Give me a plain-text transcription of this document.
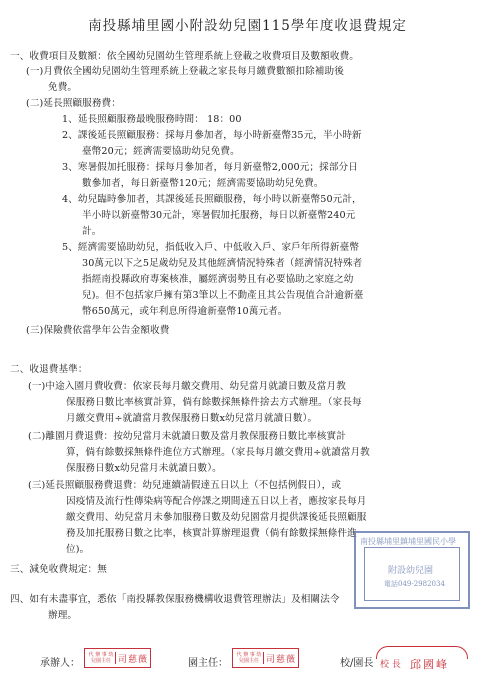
南投縣埔里國小附設幼兒園115學年度收退費規定
一、收費項目及數額：依全國幼兒園幼生管理系統上登載之收費項目及數額收費。
(一)月費依全國幼兒園幼生管理系統上登載之家長每月繳費數額扣除補助後
免費。
(二)延長照顧服務費：
1、延長照顧服務最晚服務時間： 18：00
2、課後延長照顧服務：採每月參加者，每小時新臺幣35元，半小時新
臺幣20元；經濟需要協助幼兒免費。
3、寒暑假加托服務：採每月參加者，每月新臺幣2,000元；採部分日
數參加者，每日新臺幣120元；經濟需要協助幼兒免費。
4、幼兒臨時參加者，其課後延長照顧服務，每小時以新臺幣50元計，
半小時以新臺幣30元計，寒暑假加托服務，每日以新臺幣240元
計。
5、經濟需要協助幼兒，指低收入戶、中低收入戶、家戶年所得新臺幣
30萬元以下之5足歲幼兒及其他經濟情況特殊者（經濟情況特殊者
指經南投縣政府專案核准，屬經濟弱勢且有必要協助之家庭之幼
兒)。但不包括家戶擁有第3筆以上不動產且其公告現值合計逾新臺
幣650萬元，或年利息所得逾新臺幣10萬元者。
(三)保險費依當學年公告金額收費
二、收退費基準：
(一)中途入園月費收費：依家長每月繳交費用、幼兒當月就讀日數及當月教
保服務日數比率核實計算，倘有餘數採無條件捨去方式辦理。（家長每
月繳交費用÷就讀當月教保服務日數x幼兒當月就讀日數）。
(二)離園月費退費：按幼兒當月未就讀日數及當月教保服務日數比率核實計
算，倘有餘數採無條件進位方式辦理。（家長每月繳交費用÷就讀當月教
保服務日數x幼兒當月未就讀日數）。
(三)延長照顧服務費退費：幼兒連續請假達五日以上（不包括例假日），或
因疫情及流行性傳染病等配合停課之期間達五日以上者，應按家長每月
繳交費用、幼兒當月未參加服務日數及幼兒園當月提供課後延長照顧服
務及加托服務日數之比率，核實計算辦理退費（倘有餘數採無條件進
位)。
三、減免收費規定：無
四、如有未盡事宜，悉依「南投縣教保服務機構收退費管理辦法」及相關法令
辦理。
南投縣埔里鎮埔里國民小學
附設幼兒園
電話049-2982034
承辦人：
代 辦 事 幼兒園主任 司慈薇	園主任：
代 辦 事 幼兒園主任 司慈薇	校/園長 校 長 邱國峰
